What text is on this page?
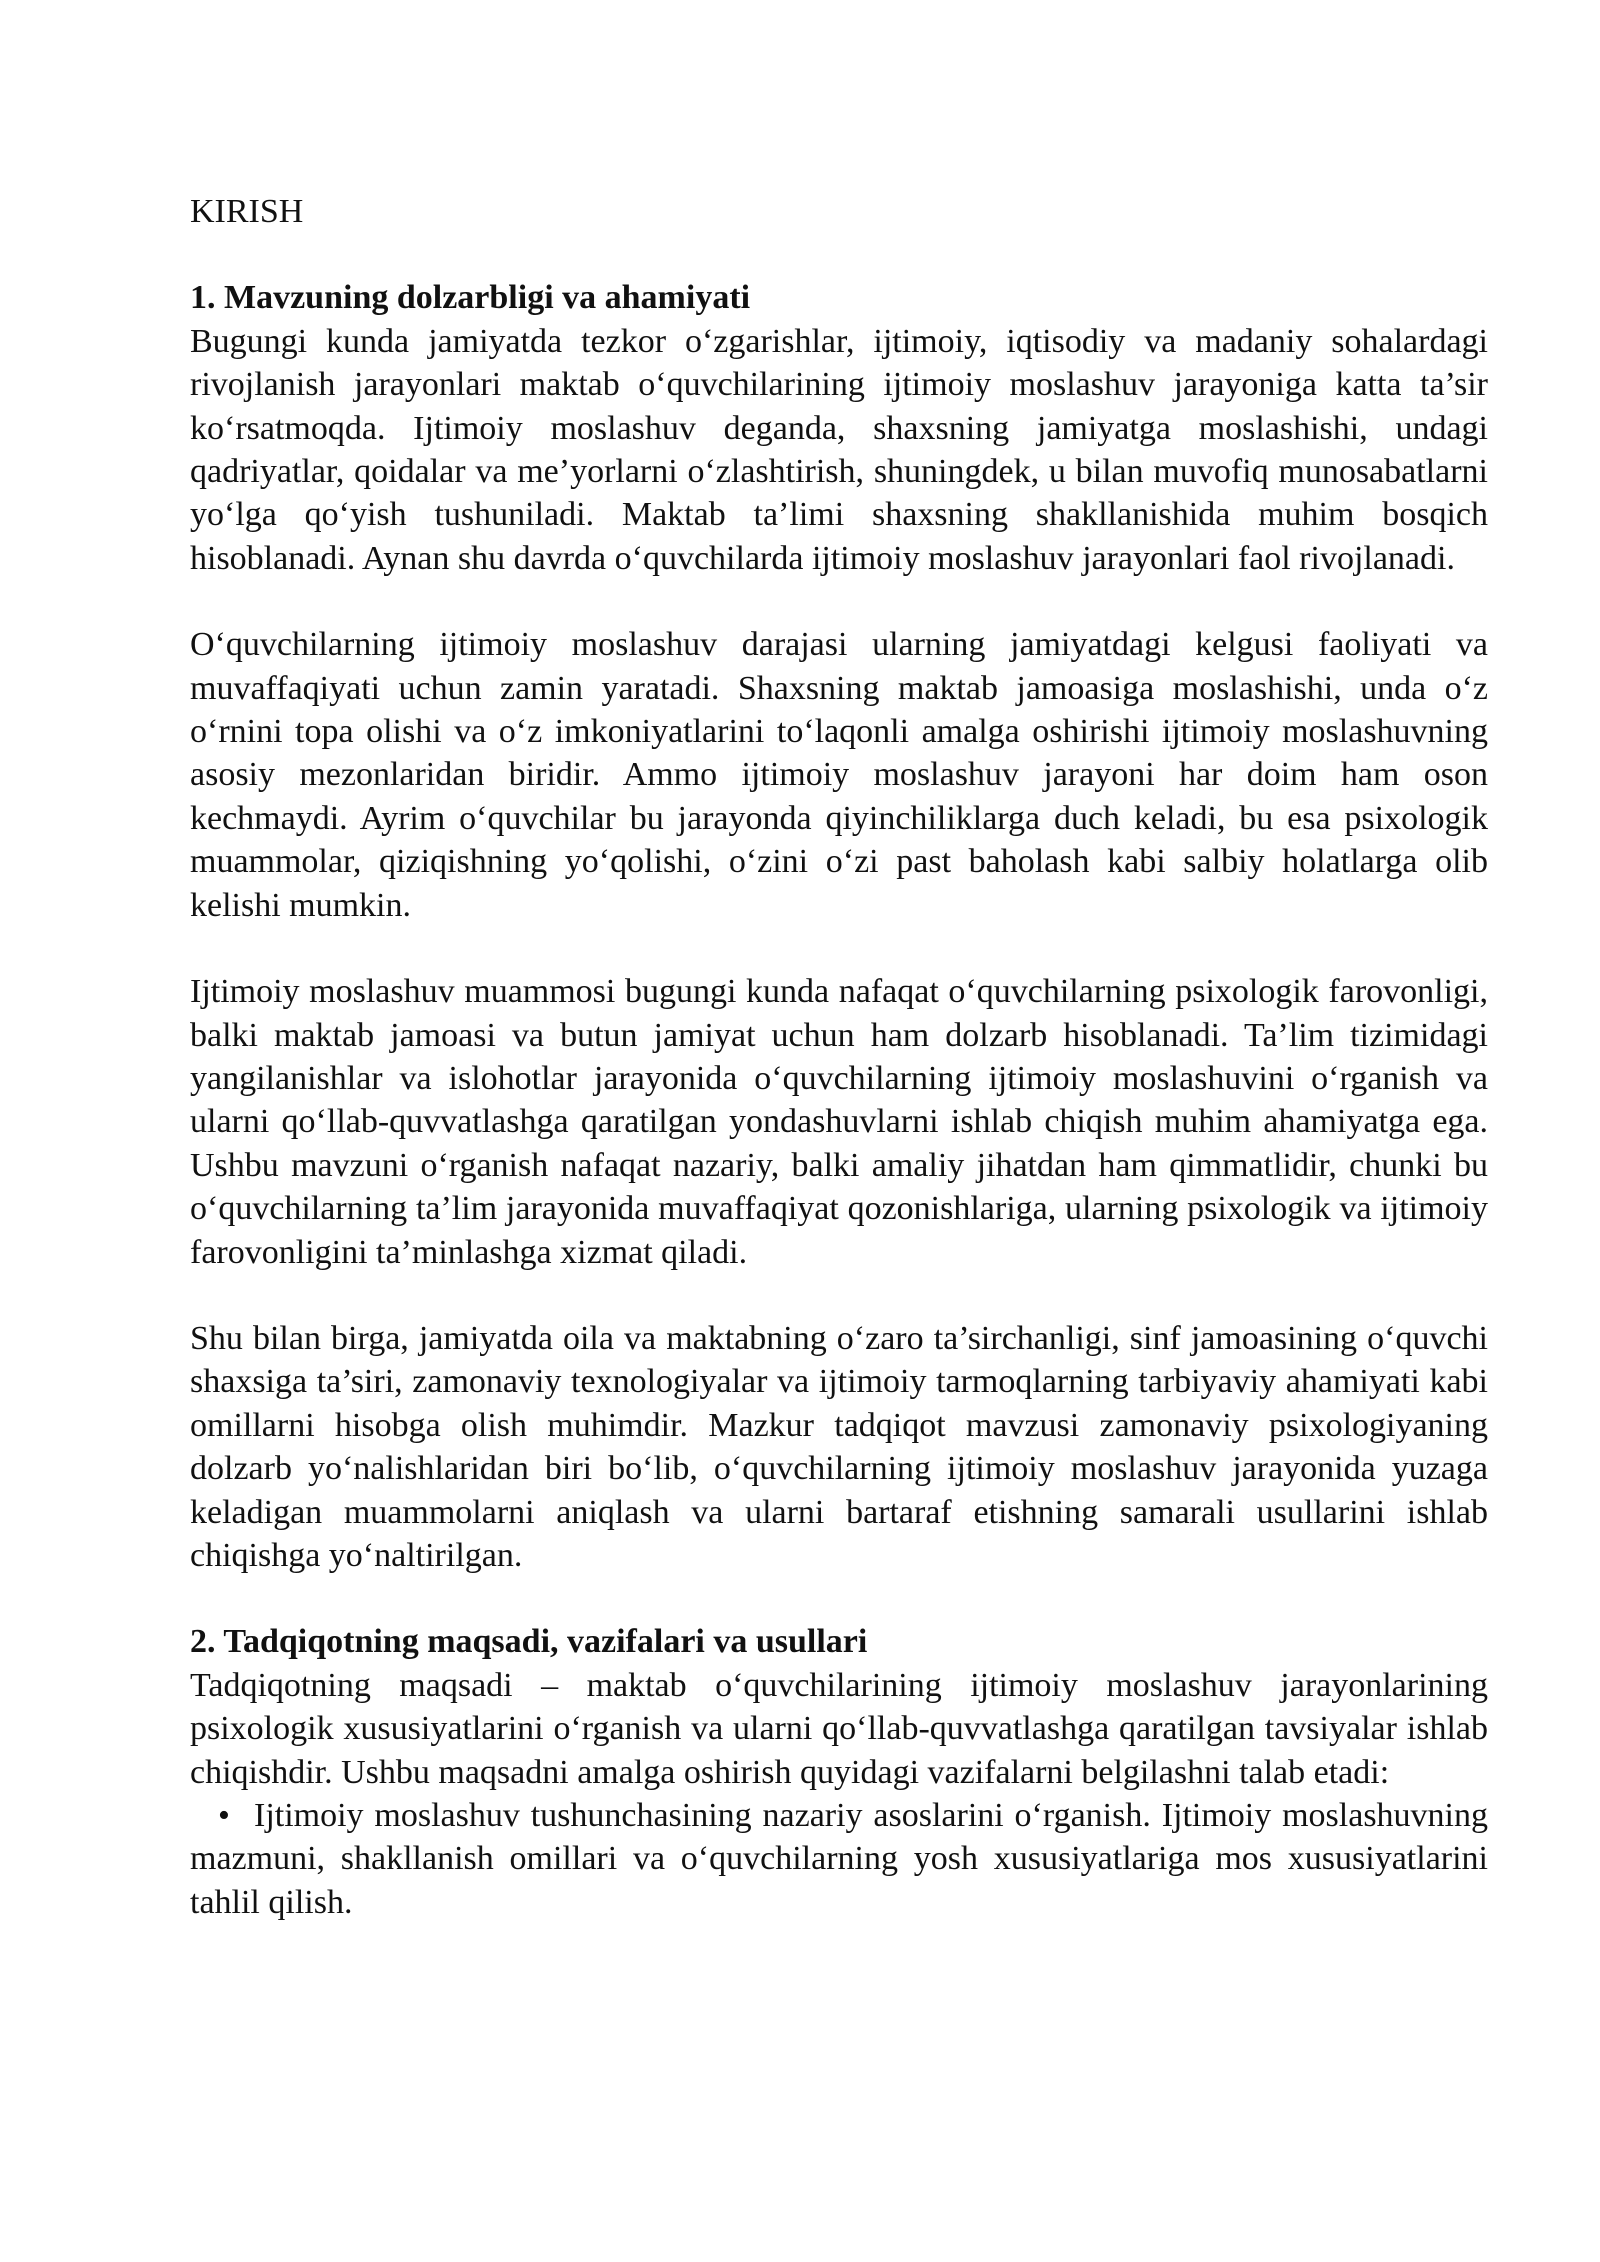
KIRISH

1. Mavzuning dolzarbligi va ahamiyati

Bugungi kunda jamiyatda tezkor o‘zgarishlar, ijtimoiy, iqtisodiy va madaniy sohalardagi rivojlanish jarayonlari maktab o‘quvchilarining ijtimoiy moslashuv jarayoniga katta ta’sir ko‘rsatmoqda. Ijtimoiy moslashuv deganda, shaxsning jamiyatga moslashishi, undagi qadriyatlar, qoidalar va me’yorlarni o‘zlashtirish, shuningdek, u bilan muvofiq munosabatlarni yo‘lga qo‘yish tushuniladi. Maktab ta’limi shaxsning shakllanishida muhim bosqich hisoblanadi. Aynan shu davrda o‘quvchilarda ijtimoiy moslashuv jarayonlari faol rivojlanadi.

O‘quvchilarning ijtimoiy moslashuv darajasi ularning jamiyatdagi kelgusi faoliyati va muvaffaqiyati uchun zamin yaratadi. Shaxsning maktab jamoasiga moslashishi, unda o‘z o‘rnini topa olishi va o‘z imkoniyatlarini to‘laqonli amalga oshirishi ijtimoiy moslashuvning asosiy mezonlaridan biridir. Ammo ijtimoiy moslashuv jarayoni har doim ham oson kechmaydi. Ayrim o‘quvchilar bu jarayonda qiyinchiliklarga duch keladi, bu esa psixologik muammolar, qiziqishning yo‘qolishi, o‘zini o‘zi past baholash kabi salbiy holatlarga olib kelishi mumkin.

Ijtimoiy moslashuv muammosi bugungi kunda nafaqat o‘quvchilarning psixologik farovonligi, balki maktab jamoasi va butun jamiyat uchun ham dolzarb hisoblanadi. Ta’lim tizimidagi yangilanishlar va islohotlar jarayonida o‘quvchilarning ijtimoiy moslashuvini o‘rganish va ularni qo‘llab-quvvatlashga qaratilgan yondashuvlarni ishlab chiqish muhim ahamiyatga ega. Ushbu mavzuni o‘rganish nafaqat nazariy, balki amaliy jihatdan ham qimmatlidir, chunki bu o‘quvchilarning ta’lim jarayonida muvaffaqiyat qozonishlariga, ularning psixologik va ijtimoiy farovonligini ta’minlashga xizmat qiladi.

Shu bilan birga, jamiyatda oila va maktabning o‘zaro ta’sirchanligi, sinf jamoasining o‘quvchi shaxsiga ta’siri, zamonaviy texnologiyalar va ijtimoiy tarmoqlarning tarbiyaviy ahamiyati kabi omillarni hisobga olish muhimdir. Mazkur tadqiqot mavzusi zamonaviy psixologiyaning dolzarb yo‘nalishlaridan biri bo‘lib, o‘quvchilarning ijtimoiy moslashuv jarayonida yuzaga keladigan muammolarni aniqlash va ularni bartaraf etishning samarali usullarini ishlab chiqishga yo‘naltirilgan.

2. Tadqiqotning maqsadi, vazifalari va usullari

Tadqiqotning maqsadi – maktab o‘quvchilarining ijtimoiy moslashuv jarayonlarining psixologik xususiyatlarini o‘rganish va ularni qo‘llab-quvvatlashga qaratilgan tavsiyalar ishlab chiqishdir. Ushbu maqsadni amalga oshirish quyidagi vazifalarni belgilashni talab etadi:

• Ijtimoiy moslashuv tushunchasining nazariy asoslarini o‘rganish. Ijtimoiy moslashuvning mazmuni, shakllanish omillari va o‘quvchilarning yosh xususiyatlariga mos xususiyatlarini tahlil qilish.
